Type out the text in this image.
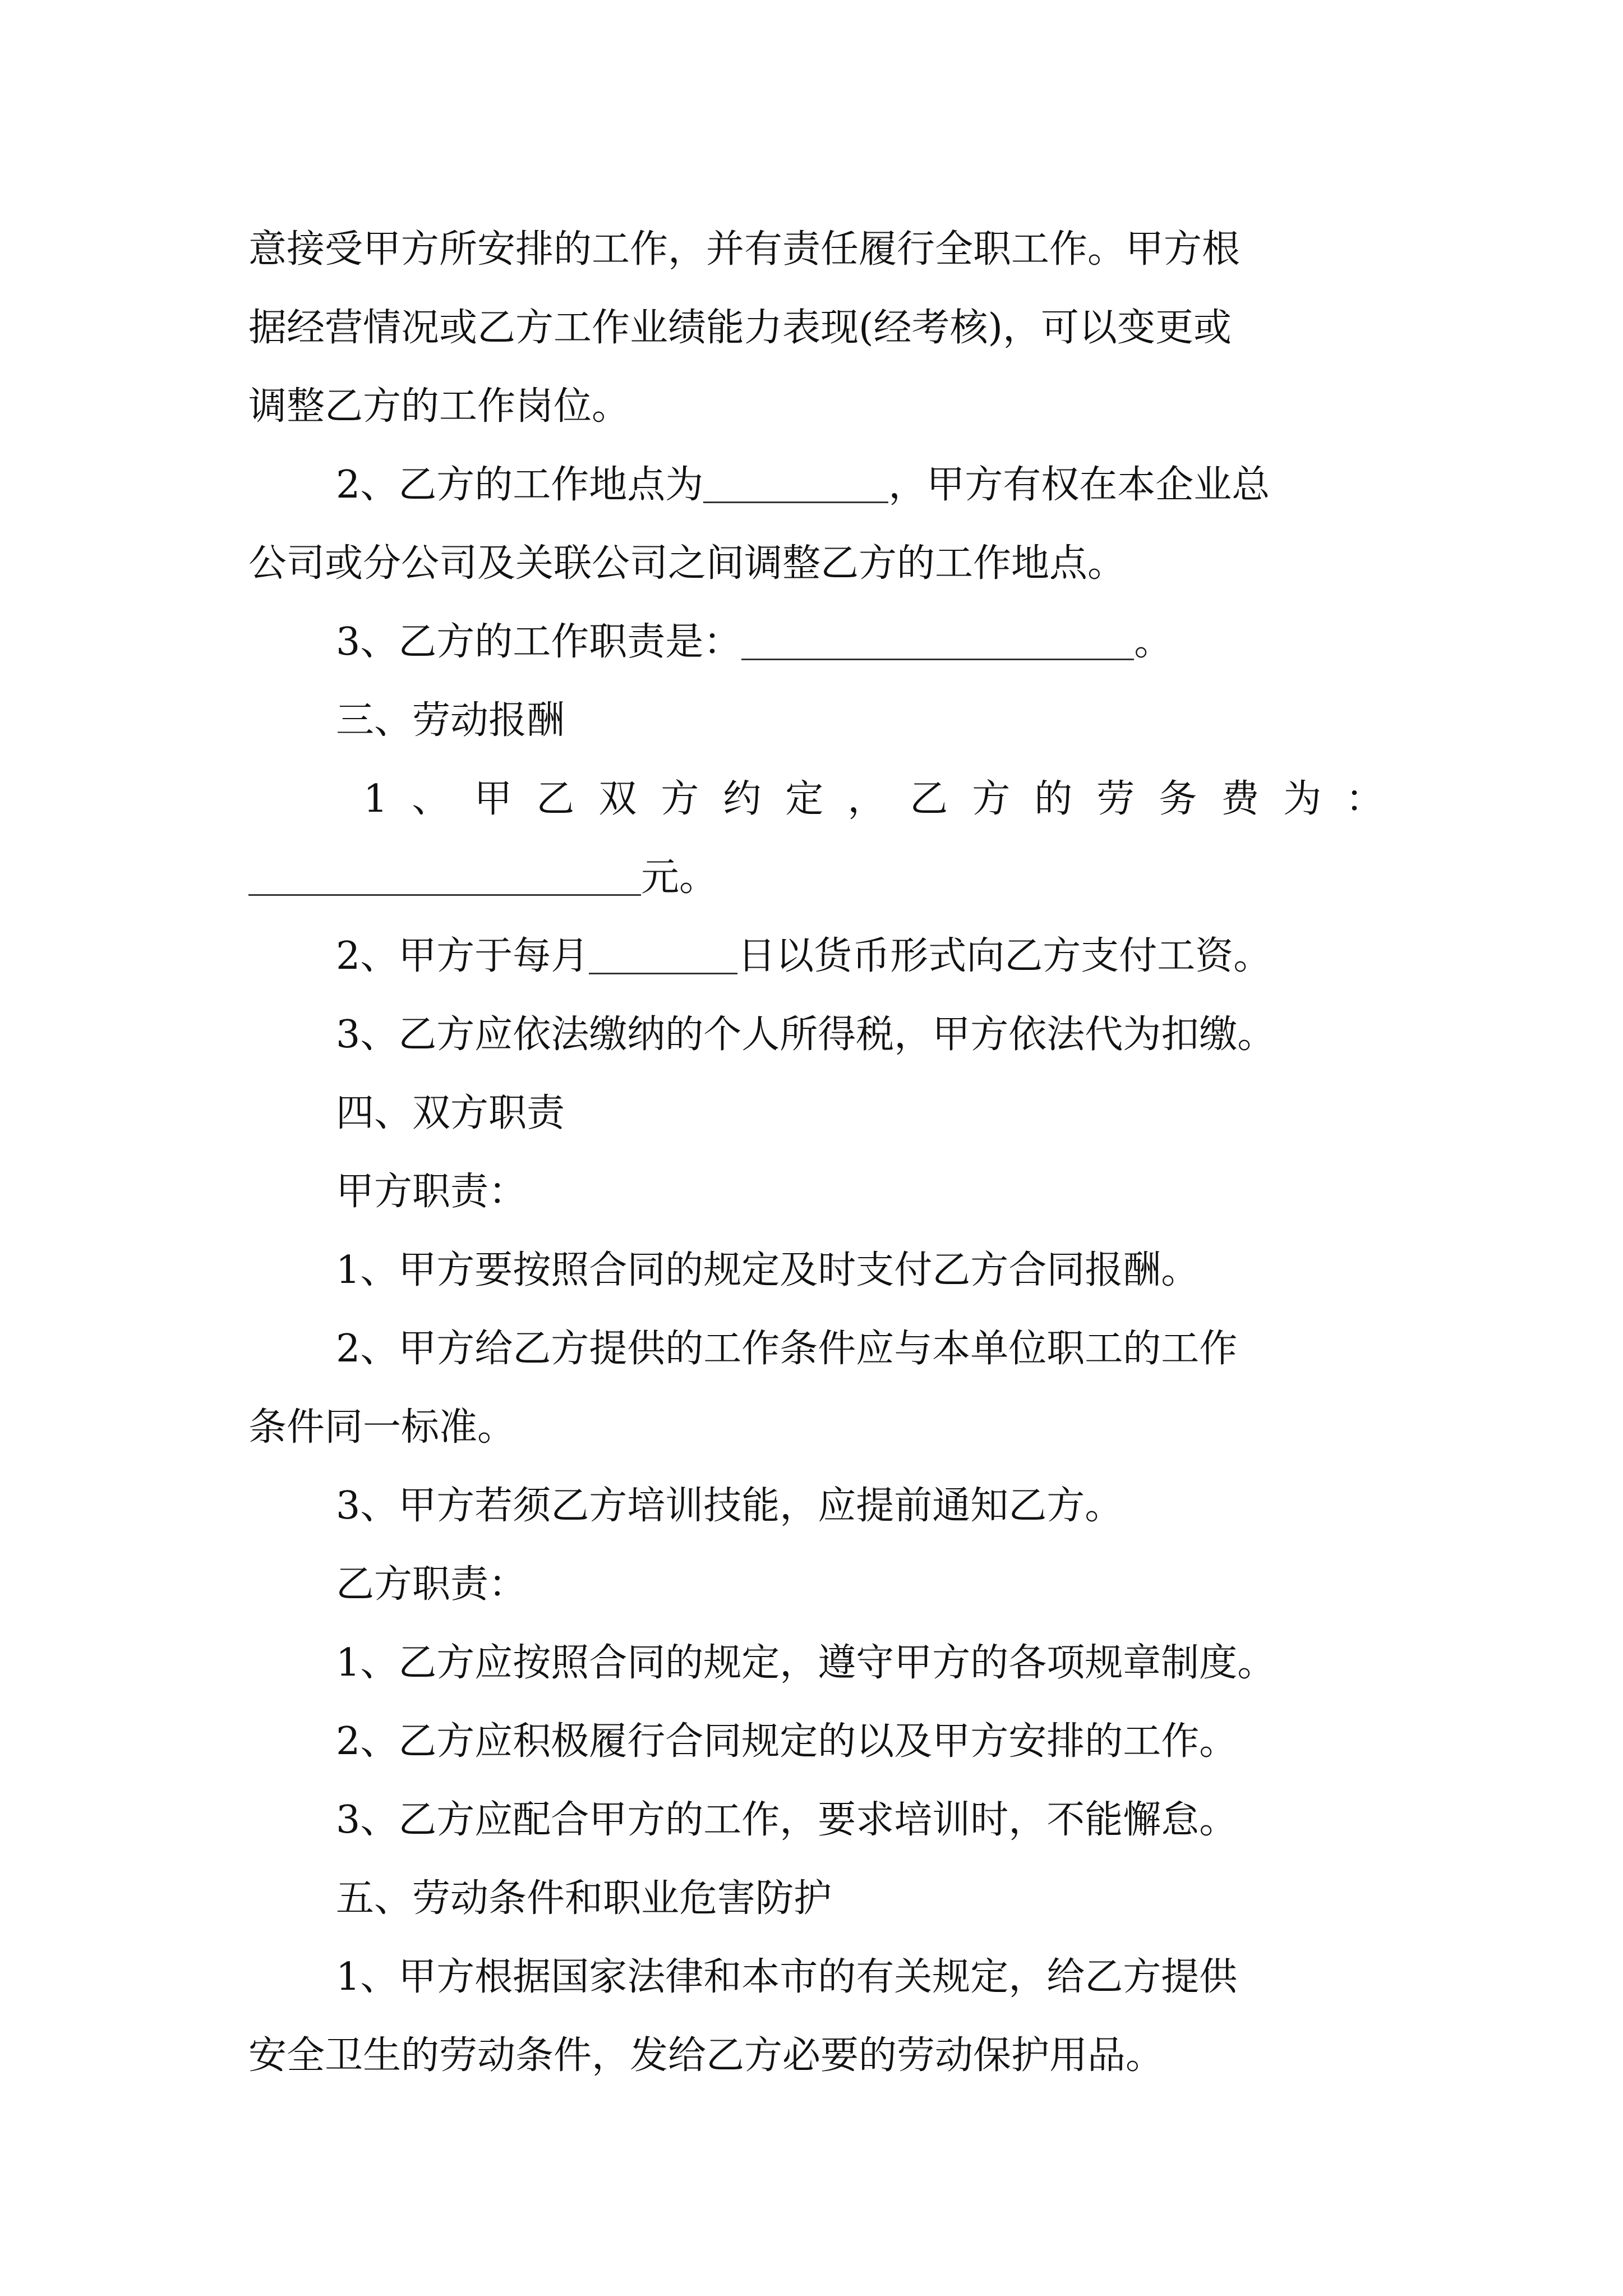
意接受甲方所安排的工作，并有责任履行全职工作。甲方根
据经营情况或乙方工作业绩能力表现(经考核)，可以变更或
调整乙方的工作岗位。
2、乙方的工作地点为	，甲方有权在本企业总
公司或分公司及关联公司之间调整乙方的工作地点。
3、乙方的工作职责是：	。
三、劳动报酬
1、甲乙双方约定，乙方的劳务费为：
元。
2、甲方于每月	日以货币形式向乙方支付工资。
3、乙方应依法缴纳的个人所得税，甲方依法代为扣缴。
四、双方职责
甲方职责：
1、甲方要按照合同的规定及时支付乙方合同报酬。
2、甲方给乙方提供的工作条件应与本单位职工的工作
条件同一标准。
3、甲方若须乙方培训技能，应提前通知乙方。
乙方职责：
1、乙方应按照合同的规定，遵守甲方的各项规章制度。
2、乙方应积极履行合同规定的以及甲方安排的工作。
3、乙方应配合甲方的工作，要求培训时，不能懈怠。
五、劳动条件和职业危害防护
1、甲方根据国家法律和本市的有关规定，给乙方提供
安全卫生的劳动条件，发给乙方必要的劳动保护用品。
